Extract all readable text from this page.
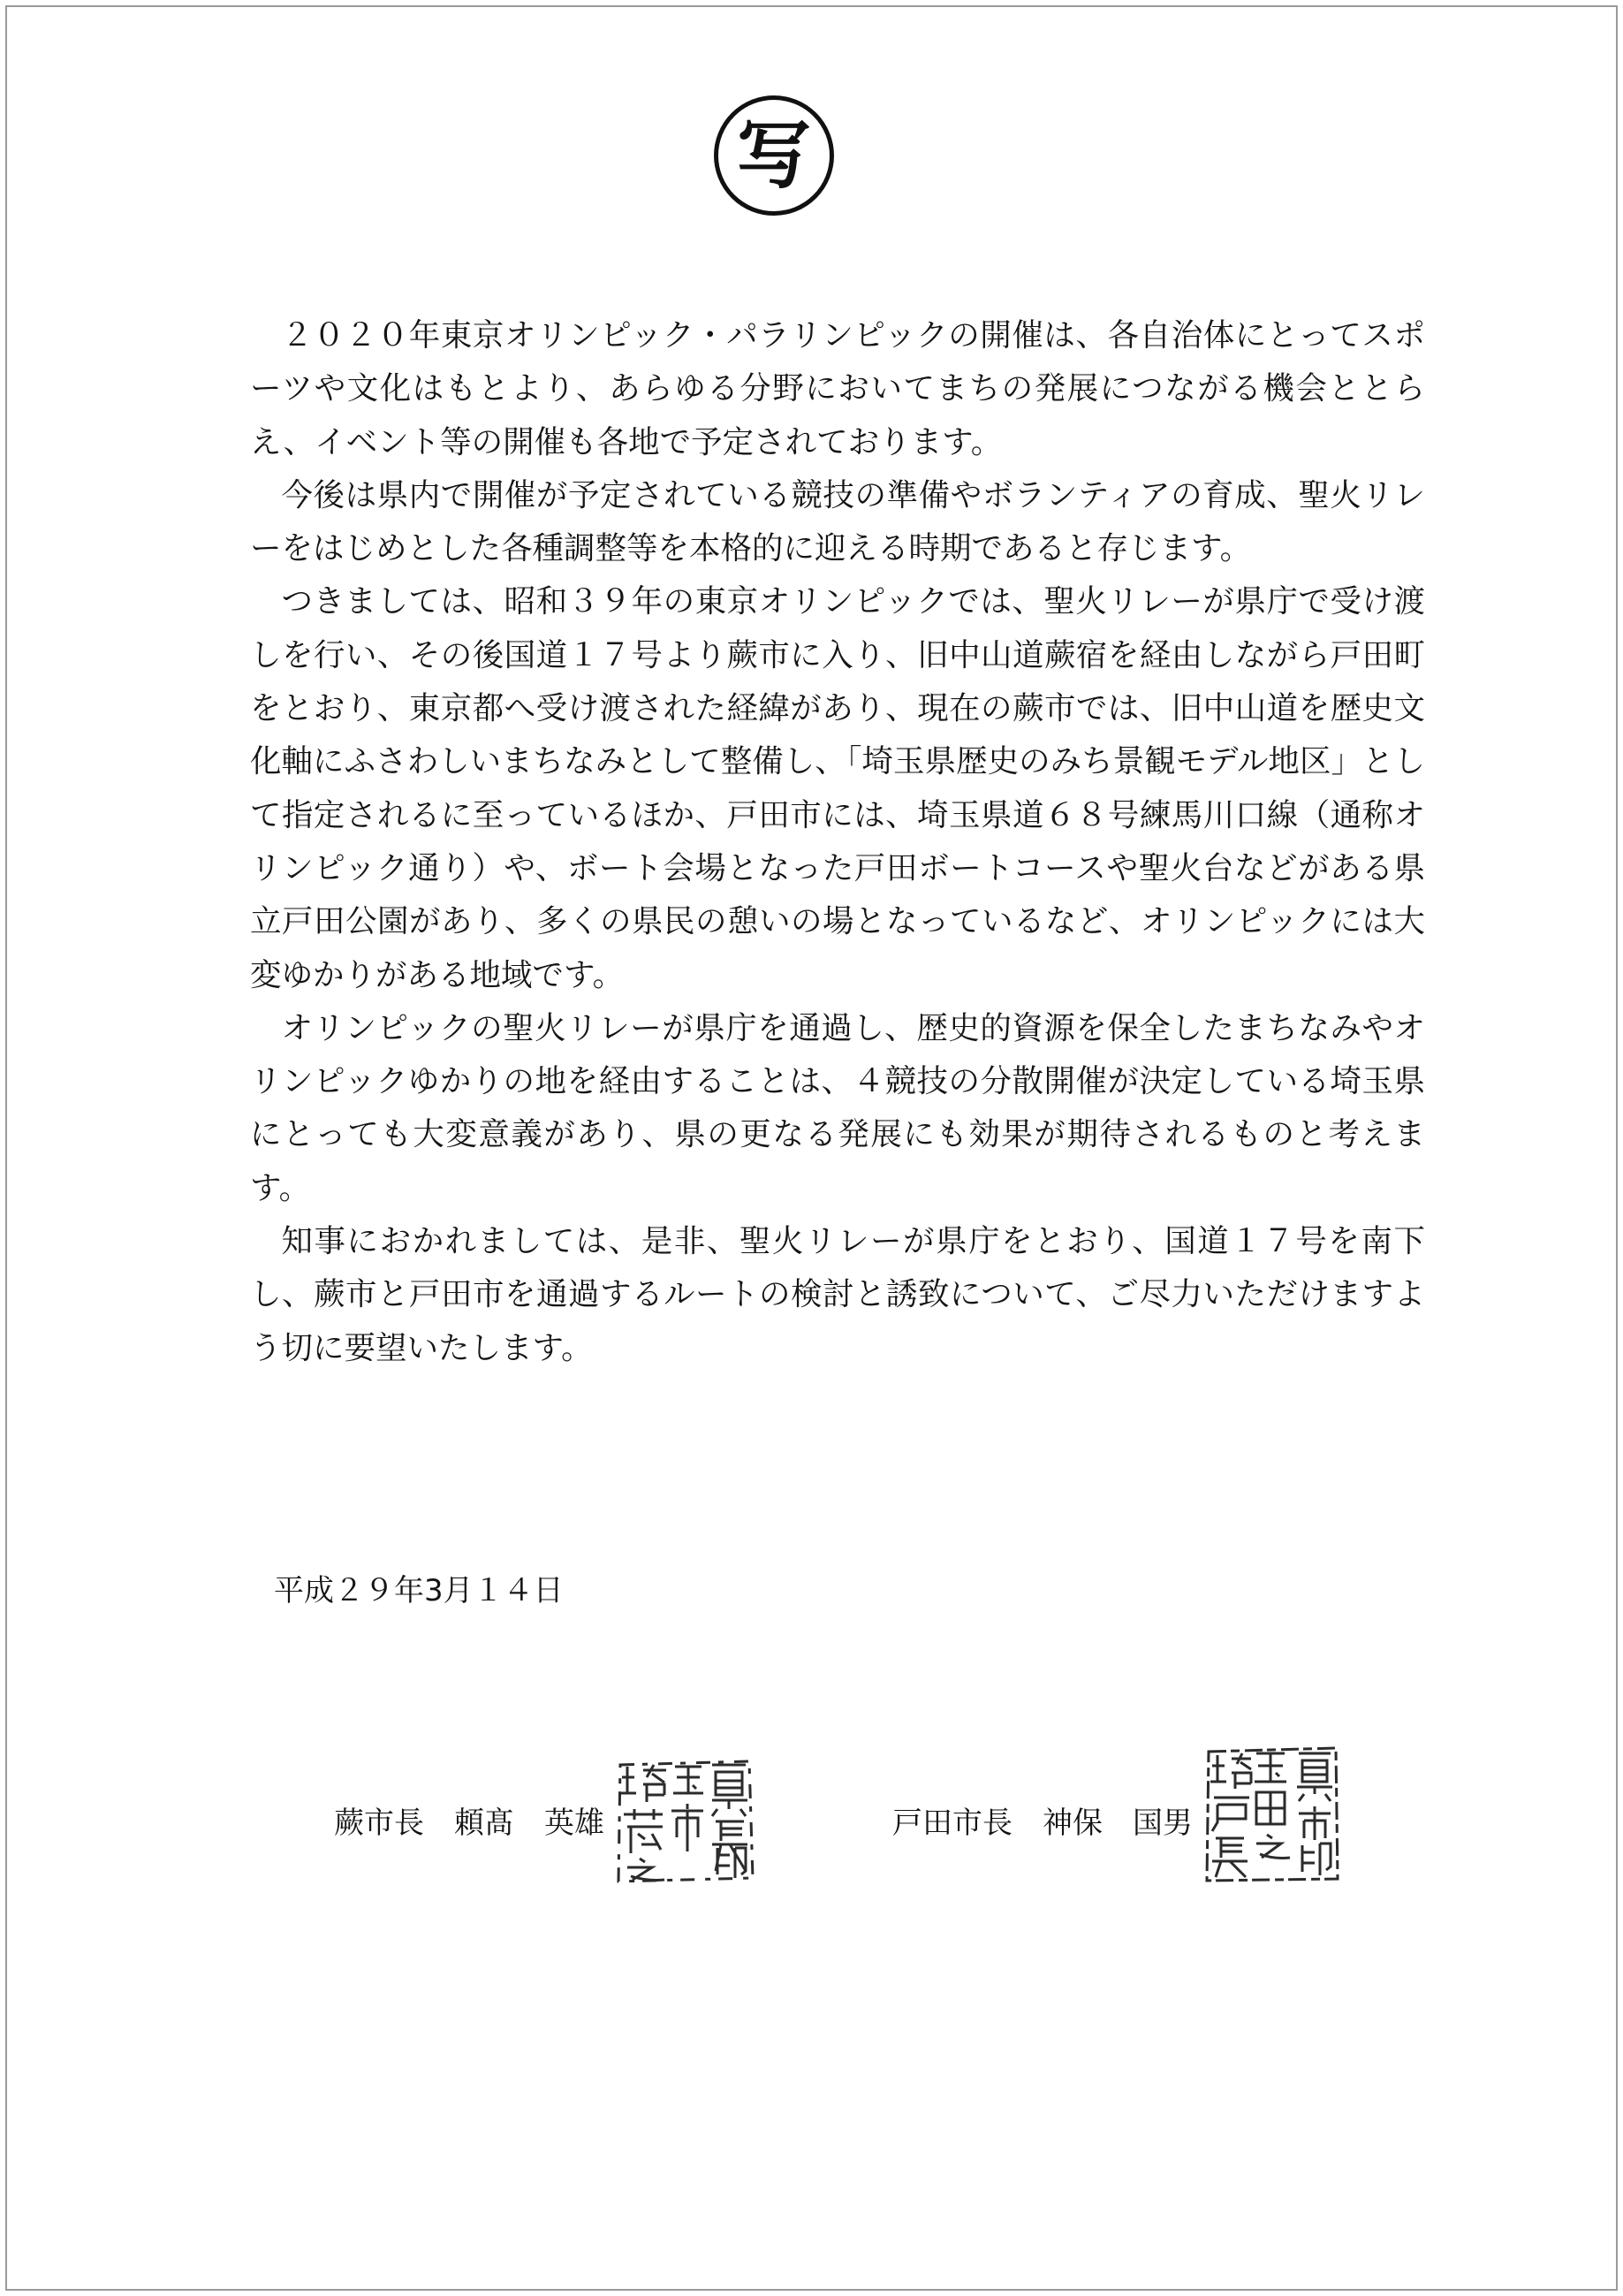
写

２０２０年東京オリンピック・パラリンピックの開催は、各自治体にとってスポーツや文化はもとより、あらゆる分野においてまちの発展につながる機会ととらえ、イベント等の開催も各地で予定されております。

今後は県内で開催が予定されている競技の準備やボランティアの育成、聖火リレーをはじめとした各種調整等を本格的に迎える時期であると存じます。

つきましては、昭和３９年の東京オリンピックでは、聖火リレーが県庁で受け渡しを行い、その後国道１７号より蕨市に入り、旧中山道蕨宿を経由しながら戸田町をとおり、東京都へ受け渡された経緯があり、現在の蕨市では、旧中山道を歴史文化軸にふさわしいまちなみとして整備し、「埼玉県歴史のみち景観モデル地区」として指定されるに至っているほか、戸田市には、埼玉県道６８号練馬川口線（通称オリンピック通り）や、ボート会場となった戸田ボートコースや聖火台などがある県立戸田公園があり、多くの県民の憩いの場となっているなど、オリンピックには大変ゆかりがある地域です。

オリンピックの聖火リレーが県庁を通過し、歴史的資源を保全したまちなみやオリンピックゆかりの地を経由することは、４競技の分散開催が決定している埼玉県にとっても大変意義があり、県の更なる発展にも効果が期待されるものと考えます。

知事におかれましては、是非、聖火リレーが県庁をとおり、国道１７号を南下し、蕨市と戸田市を通過するルートの検討と誘致について、ご尽力いただけますよう切に要望いたします。

平成２９年3月１４日
蕨市長　頼髙　英雄	戸田市長　神保　国男
